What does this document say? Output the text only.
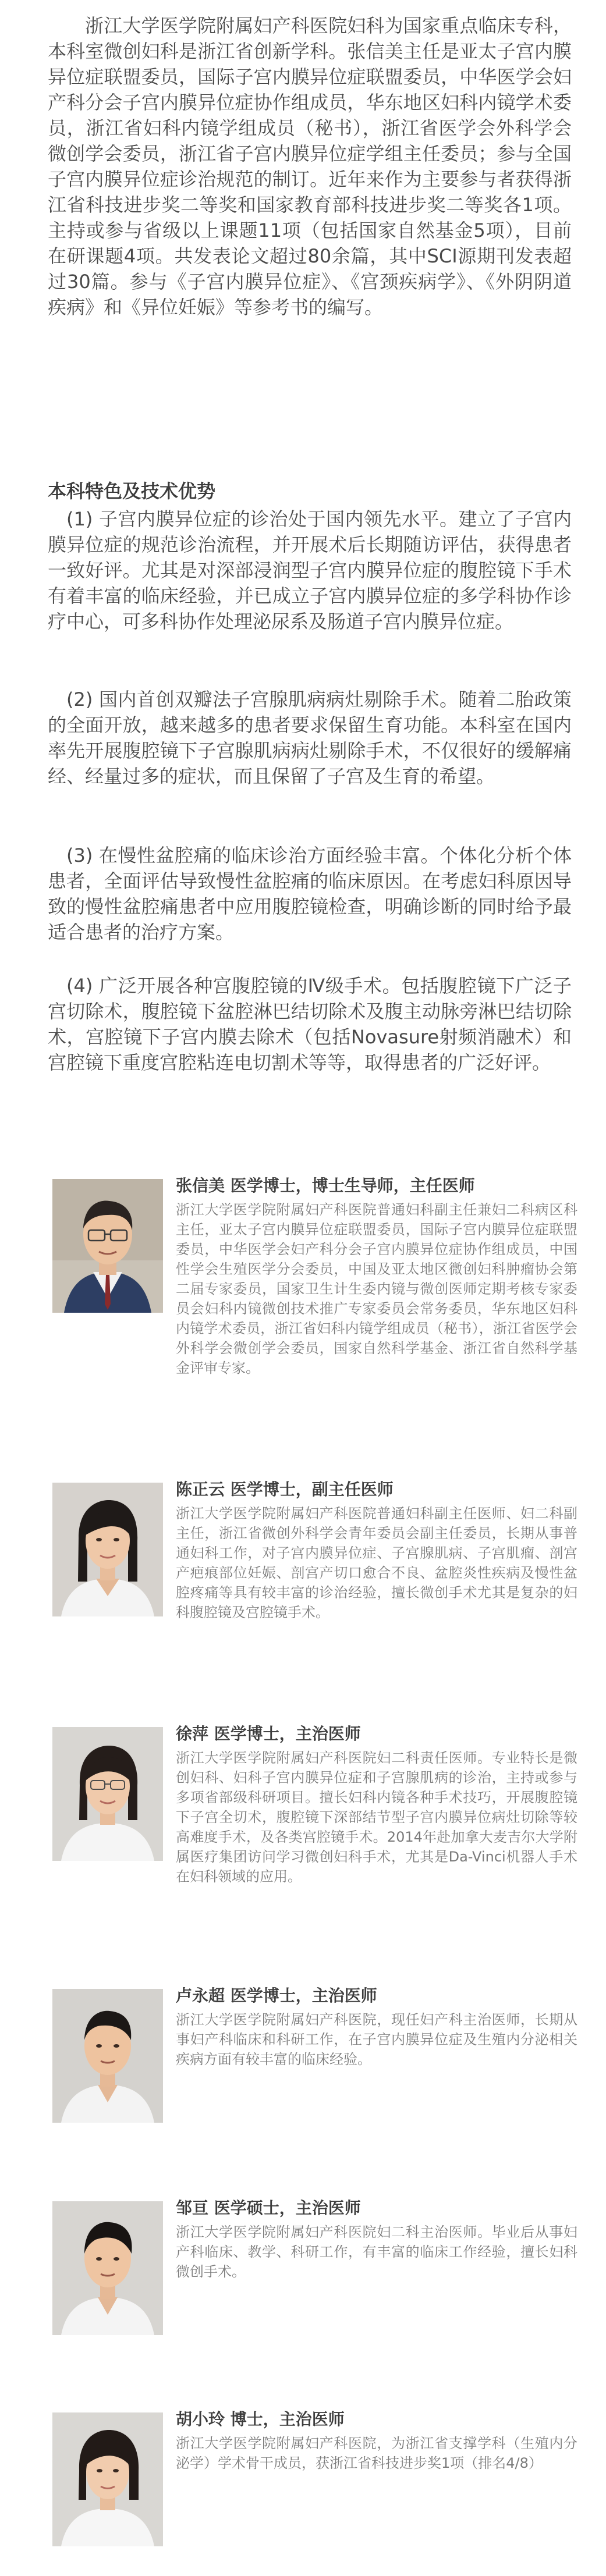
浙江大学医学院附属妇产科医院妇科为国家重点临床专科，本科室微创妇科是浙江省创新学科。张信美主任是亚太子宫内膜异位症联盟委员，国际子宫内膜异位症联盟委员，中华医学会妇产科分会子宫内膜异位症协作组成员，华东地区妇科内镜学术委员，浙江省妇科内镜学组成员（秘书），浙江省医学会外科学会微创学会委员，浙江省子宫内膜异位症学组主任委员；参与全国子宫内膜异位症诊治规范的制订。近年来作为主要参与者获得浙江省科技进步奖二等奖和国家教育部科技进步奖二等奖各1项。主持或参与省级以上课题11项（包括国家自然基金5项），目前在研课题4项。共发表论文超过80余篇，其中SCI源期刊发表超过30篇。参与《子宫内膜异位症》、《宫颈疾病学》、《外阴阴道疾病》和《异位妊娠》等参考书的编写。

本科特色及技术优势

(1) 子宫内膜异位症的诊治处于国内领先水平。建立了子宫内膜异位症的规范诊治流程，并开展术后长期随访评估，获得患者一致好评。尤其是对深部浸润型子宫内膜异位症的腹腔镜下手术有着丰富的临床经验，并已成立子宫内膜异位症的多学科协作诊疗中心，可多科协作处理泌尿系及肠道子宫内膜异位症。

(2) 国内首创双瓣法子宫腺肌病病灶剔除手术。随着二胎政策的全面开放，越来越多的患者要求保留生育功能。本科室在国内率先开展腹腔镜下子宫腺肌病病灶剔除手术，不仅很好的缓解痛经、经量过多的症状，而且保留了子宫及生育的希望。

(3) 在慢性盆腔痛的临床诊治方面经验丰富。个体化分析个体患者，全面评估导致慢性盆腔痛的临床原因。在考虑妇科原因导致的慢性盆腔痛患者中应用腹腔镜检查，明确诊断的同时给予最适合患者的治疗方案。

(4) 广泛开展各种宫腹腔镜的Ⅳ级手术。包括腹腔镜下广泛子宫切除术，腹腔镜下盆腔淋巴结切除术及腹主动脉旁淋巴结切除术，宫腔镜下子宫内膜去除术（包括Novasure射频消融术）和宫腔镜下重度宫腔粘连电切割术等等，取得患者的广泛好评。

张信美 医学博士，博士生导师，主任医师

浙江大学医学院附属妇产科医院普通妇科副主任兼妇二科病区科主任，亚太子宫内膜异位症联盟委员，国际子宫内膜异位症联盟委员，中华医学会妇产科分会子宫内膜异位症协作组成员，中国性学会生殖医学分会委员，中国及亚太地区微创妇科肿瘤协会第二届专家委员，国家卫生计生委内镜与微创医师定期考核专家委员会妇科内镜微创技术推广专家委员会常务委员，华东地区妇科内镜学术委员，浙江省妇科内镜学组成员（秘书），浙江省医学会外科学会微创学会委员，国家自然科学基金、浙江省自然科学基金评审专家。

陈正云 医学博士，副主任医师

浙江大学医学院附属妇产科医院普通妇科副主任医师、妇二科副主任，浙江省微创外科学会青年委员会副主任委员，长期从事普通妇科工作，对子宫内膜异位症、子宫腺肌病、子宫肌瘤、剖宫产疤痕部位妊娠、剖宫产切口愈合不良、盆腔炎性疾病及慢性盆腔疼痛等具有较丰富的诊治经验，擅长微创手术尤其是复杂的妇科腹腔镜及宫腔镜手术。

徐萍 医学博士，主治医师

浙江大学医学院附属妇产科医院妇二科责任医师。专业特长是微创妇科、妇科子宫内膜异位症和子宫腺肌病的诊治，主持或参与多项省部级科研项目。擅长妇科内镜各种手术技巧，开展腹腔镜下子宫全切术，腹腔镜下深部结节型子宫内膜异位病灶切除等较高难度手术，及各类宫腔镜手术。2014年赴加拿大麦吉尔大学附属医疗集团访问学习微创妇科手术，尤其是Da-Vinci机器人手术在妇科领域的应用。

卢永超 医学博士，主治医师

浙江大学医学院附属妇产科医院，现任妇产科主治医师，长期从事妇产科临床和科研工作，在子宫内膜异位症及生殖内分泌相关疾病方面有较丰富的临床经验。

邹亘 医学硕士，主治医师

浙江大学医学院附属妇产科医院妇二科主治医师。毕业后从事妇产科临床、教学、科研工作，有丰富的临床工作经验，擅长妇科微创手术。

胡小玲 博士，主治医师

浙江大学医学院附属妇产科医院，为浙江省支撑学科（生殖内分泌学）学术骨干成员，获浙江省科技进步奖1项（排名4/8）
